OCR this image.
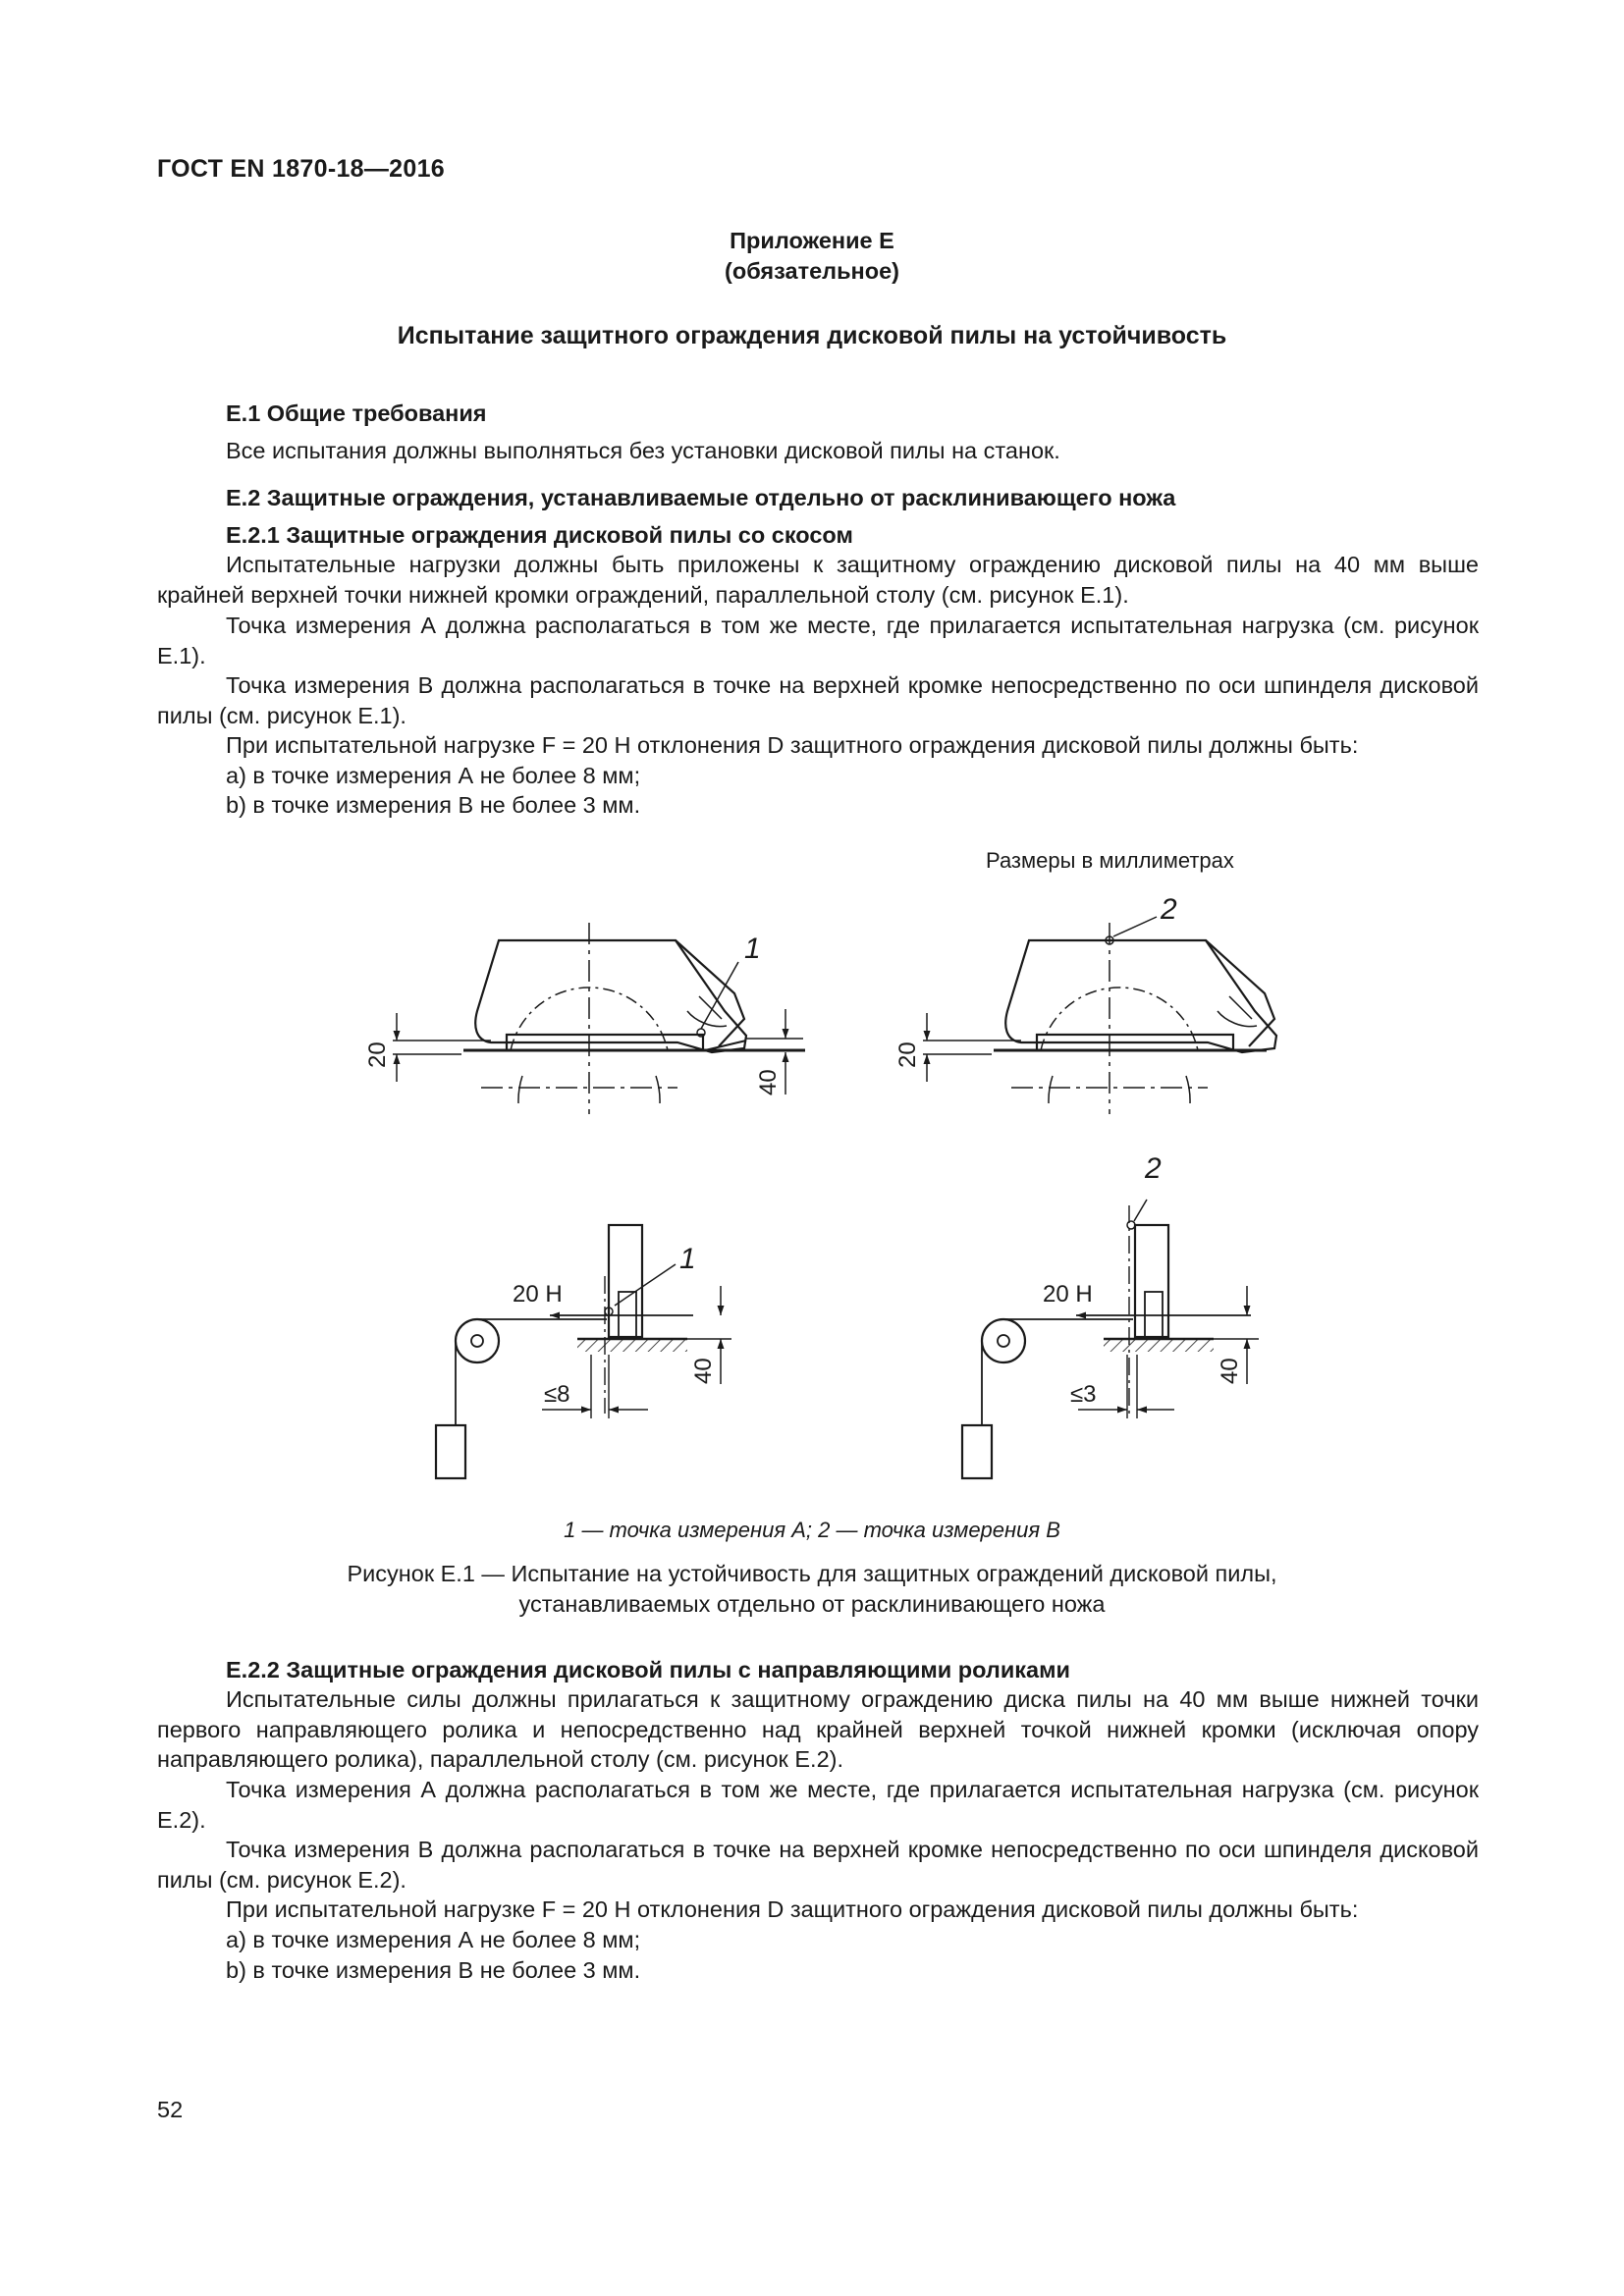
ГОСТ EN 1870-18—2016
Приложение Е
(обязательное)
Испытание защитного ограждения дисковой пилы на устойчивость
Е.1 Общие требования
Все испытания должны выполняться без установки дисковой пилы на станок.
Е.2 Защитные ограждения, устанавливаемые отдельно от расклинивающего ножа
Е.2.1 Защитные ограждения дисковой пилы со скосом
Испытательные нагрузки должны быть приложены к защитному ограждению дисковой пилы на 40 мм выше крайней верхней точки нижней кромки ограждений, параллельной столу (см. рисунок Е.1).
Точка измерения А должна располагаться в том же месте, где прилагается испытательная нагрузка (см. рисунок Е.1).
Точка измерения В должна располагаться в точке на верхней кромке непосредственно по оси шпинделя дисковой пилы (см. рисунок Е.1).
При испытательной нагрузке F = 20 Н отклонения D защитного ограждения дисковой пилы должны быть:
а) в точке измерения А не более 8 мм;
b) в точке измерения В не более 3 мм.
Размеры в миллиметрах
1
2
1
2
20	20
40
40	40
20 Н	20 Н
≤8	≤3
1 — точка измерения А; 2 — точка измерения В
Рисунок Е.1 — Испытание на устойчивость для защитных ограждений дисковой пилы,
устанавливаемых отдельно от расклинивающего ножа
Е.2.2 Защитные ограждения дисковой пилы с направляющими роликами
Испытательные силы должны прилагаться к защитному ограждению диска пилы на 40 мм выше нижней точки первого направляющего ролика и непосредственно над крайней верхней точкой нижней кромки (исключая опору направляющего ролика), параллельной столу (см. рисунок Е.2).
Точка измерения А должна располагаться в том же месте, где прилагается испытательная нагрузка (см. рисунок Е.2).
Точка измерения В должна располагаться в точке на верхней кромке непосредственно по оси шпинделя дисковой пилы (см. рисунок Е.2).
При испытательной нагрузке F = 20 Н отклонения D защитного ограждения дисковой пилы должны быть:
а) в точке измерения А не более 8 мм;
b) в точке измерения В не более 3 мм.
52
